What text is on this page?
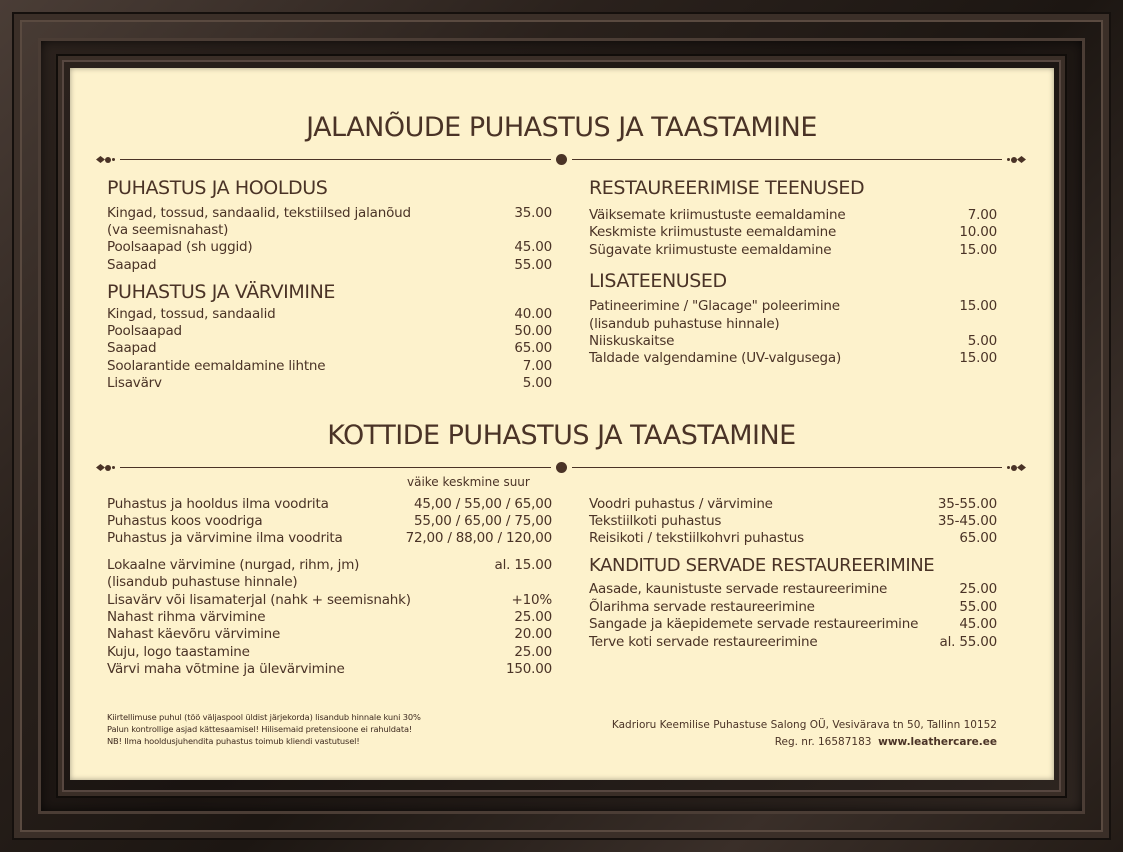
JALANÕUDE PUHASTUS JA TAASTAMINE
PUHASTUS JA HOOLDUS
Kingad, tossud, sandaalid, tekstiilsed jalanõud	35.00
(va seemisnahast)
Poolsaapad (sh uggid)	45.00
Saapad	55.00
PUHASTUS JA VÄRVIMINE
Kingad, tossud, sandaalid	40.00
Poolsaapad	50.00
Saapad	65.00
Soolarantide eemaldamine lihtne	7.00
Lisavärv	5.00
RESTAUREERIMISE TEENUSED
Väiksemate kriimustuste eemaldamine	7.00
Keskmiste kriimustuste eemaldamine	10.00
Sügavate kriimustuste eemaldamine	15.00
LISATEENUSED
Patineerimine / "Glacage" poleerimine	15.00
(lisandub puhastuse hinnale)
Niiskuskaitse	5.00
Taldade valgendamine (UV-valgusega)	15.00
KOTTIDE PUHASTUS JA TAASTAMINE
väike keskmine suur
Puhastus ja hooldus ilma voodrita	45,00 / 55,00 / 65,00
Puhastus koos voodriga	55,00 / 65,00 / 75,00
Puhastus ja värvimine ilma voodrita	72,00 / 88,00 / 120,00
Lokaalne värvimine (nurgad, rihm, jm)	al. 15.00
(lisandub puhastuse hinnale)
Lisavärv või lisamaterjal (nahk + seemisnahk)	+10%
Nahast rihma värvimine	25.00
Nahast käevõru värvimine	20.00
Kuju, logo taastamine	25.00
Värvi maha võtmine ja ülevärvimine	150.00
Voodri puhastus / värvimine	35-55.00
Tekstiilkoti puhastus	35-45.00
Reisikoti / tekstiilkohvri puhastus	65.00
KANDITUD SERVADE RESTAUREERIMINE
Aasade, kaunistuste servade restaureerimine	25.00
Õlarihma servade restaureerimine	55.00
Sangade ja käepidemete servade restaureerimine	45.00
Terve koti servade restaureerimine	al. 55.00
Kiirtellimuse puhul (töö väljaspool üldist järjekorda) lisandub hinnale kuni 30%
Palun kontrollige asjad kättesaamisel! Hilisemaid pretensioone ei rahuldata!
NB! Ilma hooldusjuhendita puhastus toimub kliendi vastutusel!
Kadrioru Keemilise Puhastuse Salong OÜ, Vesivärava tn 50, Tallinn 10152
Reg. nr. 16587183 www.leathercare.ee
